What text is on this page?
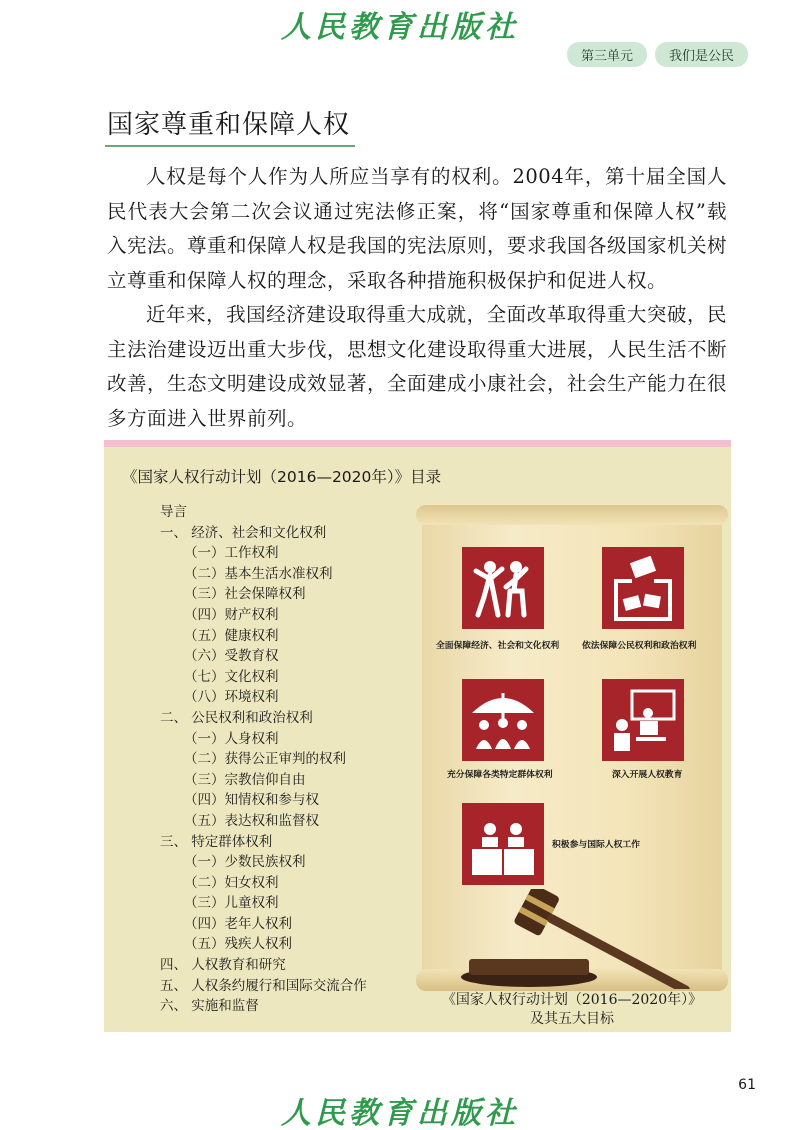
人民教育出版社
第三单元	我们是公民
国家尊重和保障人权

人权是每个人作为人所应当享有的权利。2004年，第十届全国人民代表大会第二次会议通过宪法修正案，将“国家尊重和保障人权”载入宪法。尊重和保障人权是我国的宪法原则，要求我国各级国家机关树立尊重和保障人权的理念，采取各种措施积极保护和促进人权。

近年来，我国经济建设取得重大成就，全面改革取得重大突破，民主法治建设迈出重大步伐，思想文化建设取得重大进展，人民生活不断改善，生态文明建设成效显著，全面建成小康社会，社会生产能力在很多方面进入世界前列。

《国家人权行动计划（2016—2020年）》目录
导言
一、 经济、社会和文化权利
（一）工作权利
（二）基本生活水准权利
（三）社会保障权利
（四）财产权利
（五）健康权利
（六）受教育权
（七）文化权利
（八）环境权利
二、 公民权利和政治权利
（一）人身权利
（二）获得公正审判的权利
（三）宗教信仰自由
（四）知情权和参与权
（五）表达权和监督权
三、 特定群体权利
（一）少数民族权利
（二）妇女权利
（三）儿童权利
（四）老年人权利
（五）残疾人权利
四、 人权教育和研究
五、 人权条约履行和国际交流合作
六、 实施和监督
全面保障经济、社会和文化权利	依法保障公民权利和政治权利
充分保障各类特定群体权利	深入开展人权教育
积极参与国际人权工作
《国家人权行动计划（2016—2020年）》
及其五大目标
61
人民教育出版社
